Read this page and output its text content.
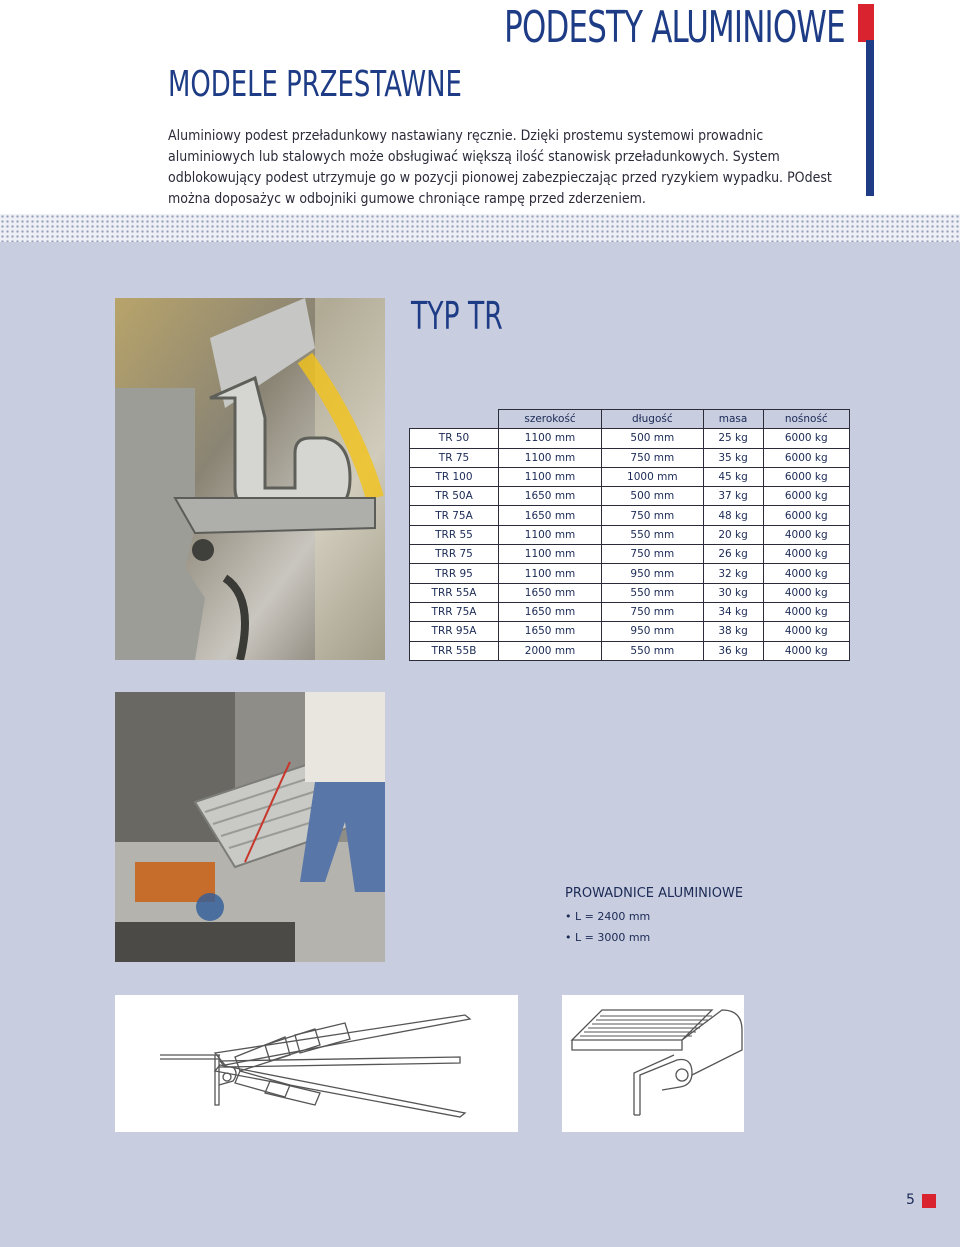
PODESTY ALUMINIOWE
MODELE PRZESTAWNE
Aluminiowy podest przeładunkowy nastawiany ręcznie. Dzięki prostemu systemowi prowadnic aluminiowych lub stalowych może obsługiwać większą ilość stanowisk przeładunkowych. System odblokowujący podest utrzymuje go w pozycji pionowej zabezpieczając przed ryzykiem wypadku. POdest można doposażyc w odbojniki gumowe chroniące rampę przed zderzeniem.
TYP TR
	szerokość	długość	masa	nośność
TR 50	1100 mm	500 mm	25 kg	6000 kg
TR 75	1100 mm	750 mm	35 kg	6000 kg
TR 100	1100 mm	1000 mm	45 kg	6000 kg
TR 50A	1650 mm	500 mm	37 kg	6000 kg
TR 75A	1650 mm	750 mm	48 kg	6000 kg
TRR 55	1100 mm	550 mm	20 kg	4000 kg
TRR 75	1100 mm	750 mm	26 kg	4000 kg
TRR 95	1100 mm	950 mm	32 kg	4000 kg
TRR 55A	1650 mm	550 mm	30 kg	4000 kg
TRR 75A	1650 mm	750 mm	34 kg	4000 kg
TRR 95A	1650 mm	950 mm	38 kg	4000 kg
TRR 55B	2000 mm	550 mm	36 kg	4000 kg
PROWADNICE ALUMINIOWE
• L = 2400 mm
• L = 3000 mm
5
